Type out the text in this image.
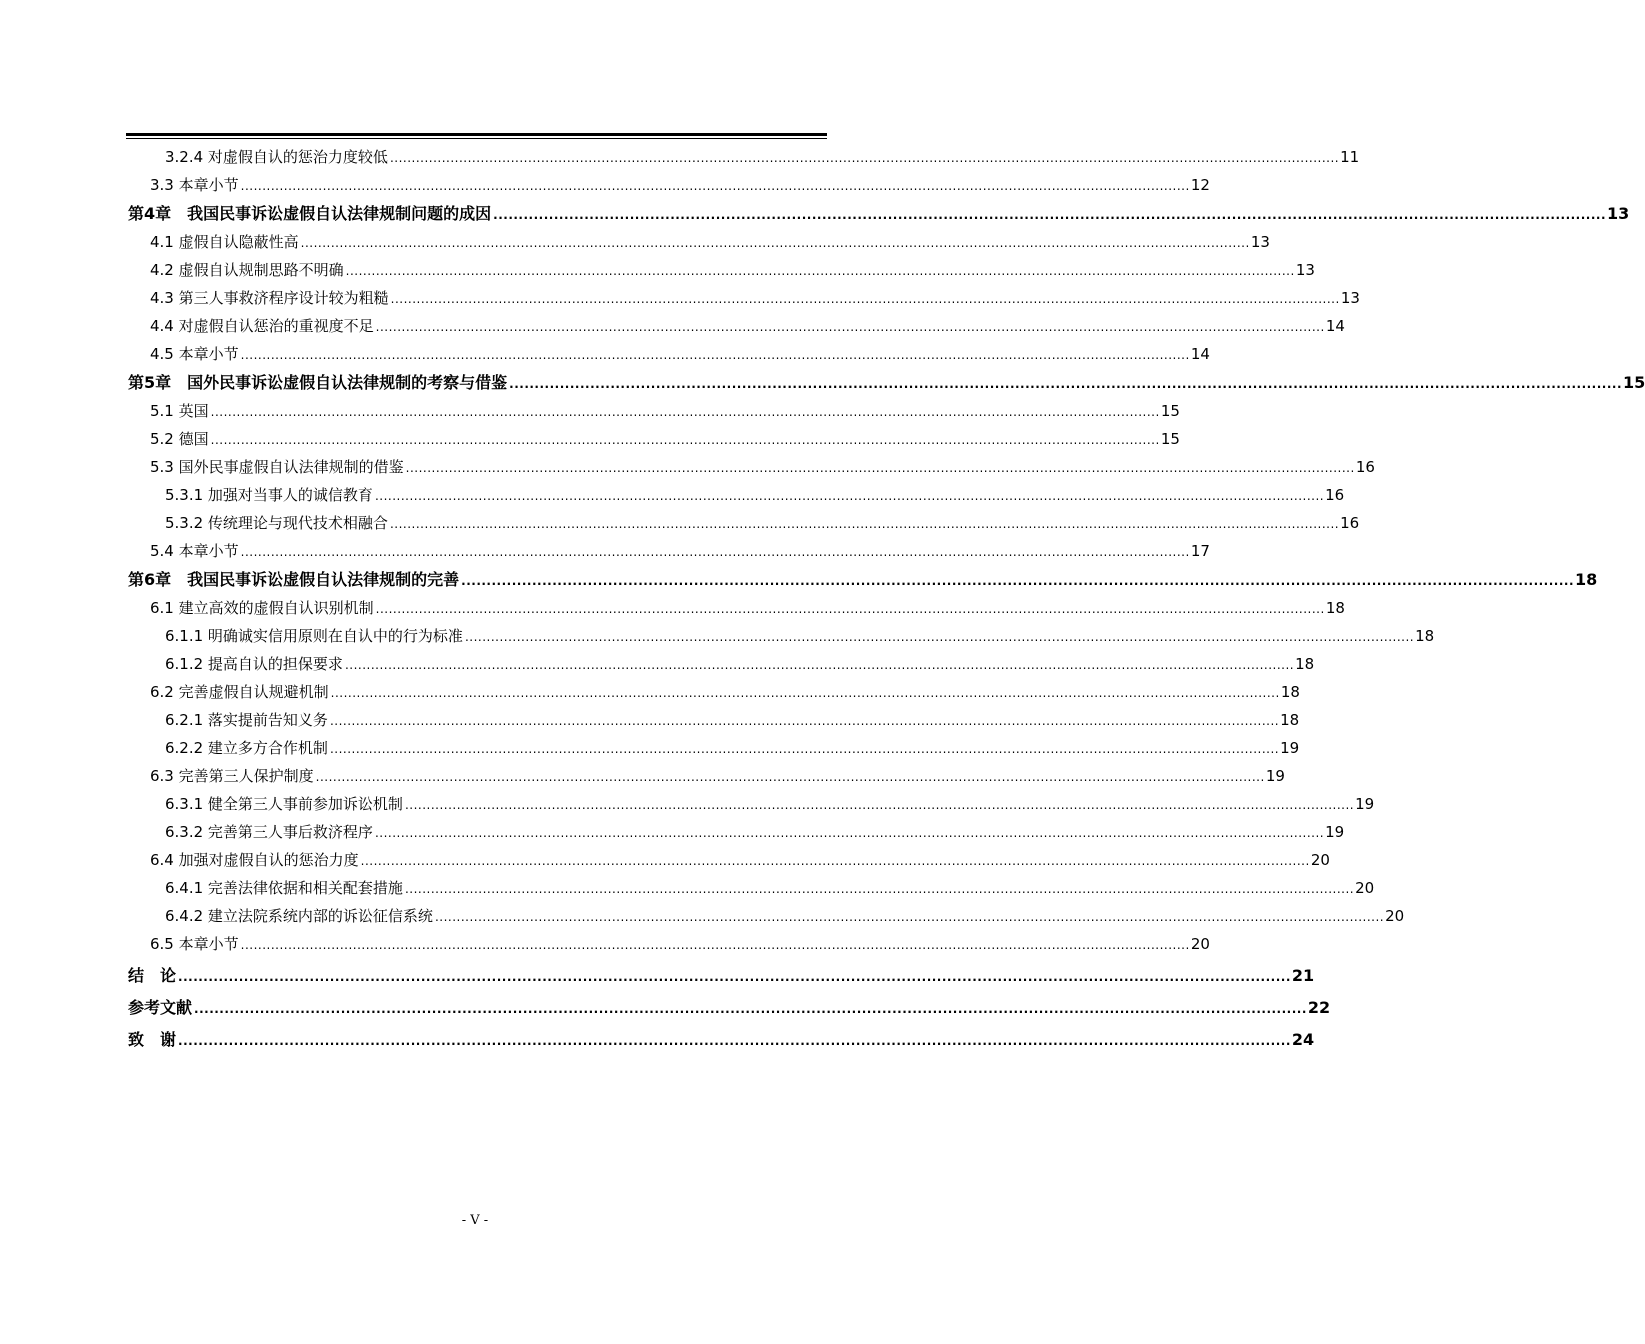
3.2.4 对虚假自认的惩治力度较低 ............................................................................................................................................................................................................................ 11
3.3 本章小节 ............................................................................................................................................................................................................................ 12
第4章　我国民事诉讼虚假自认法律规制问题的成因 ............................................................................................................................................................................................................................ 13
4.1 虚假自认隐蔽性高 ............................................................................................................................................................................................................................ 13
4.2 虚假自认规制思路不明确 ............................................................................................................................................................................................................................ 13
4.3 第三人事救济程序设计较为粗糙 ............................................................................................................................................................................................................................ 13
4.4 对虚假自认惩治的重视度不足 ............................................................................................................................................................................................................................ 14
4.5 本章小节 ............................................................................................................................................................................................................................ 14
第5章　国外民事诉讼虚假自认法律规制的考察与借鉴 ............................................................................................................................................................................................................................ 15
5.1 英国 ............................................................................................................................................................................................................................ 15
5.2 德国 ............................................................................................................................................................................................................................ 15
5.3 国外民事虚假自认法律规制的借鉴 ............................................................................................................................................................................................................................ 16
5.3.1 加强对当事人的诚信教育 ............................................................................................................................................................................................................................ 16
5.3.2 传统理论与现代技术相融合 ............................................................................................................................................................................................................................ 16
5.4 本章小节 ............................................................................................................................................................................................................................ 17
第6章　我国民事诉讼虚假自认法律规制的完善 ............................................................................................................................................................................................................................ 18
6.1 建立高效的虚假自认识别机制 ............................................................................................................................................................................................................................ 18
6.1.1 明确诚实信用原则在自认中的行为标准 ............................................................................................................................................................................................................................ 18
6.1.2 提高自认的担保要求 ............................................................................................................................................................................................................................ 18
6.2 完善虚假自认规避机制 ............................................................................................................................................................................................................................ 18
6.2.1 落实提前告知义务 ............................................................................................................................................................................................................................ 18
6.2.2 建立多方合作机制 ............................................................................................................................................................................................................................ 19
6.3 完善第三人保护制度 ............................................................................................................................................................................................................................ 19
6.3.1 健全第三人事前参加诉讼机制 ............................................................................................................................................................................................................................ 19
6.3.2 完善第三人事后救济程序 ............................................................................................................................................................................................................................ 19
6.4 加强对虚假自认的惩治力度 ............................................................................................................................................................................................................................ 20
6.4.1 完善法律依据和相关配套措施 ............................................................................................................................................................................................................................ 20
6.4.2 建立法院系统内部的诉讼征信系统 ............................................................................................................................................................................................................................ 20
6.5 本章小节 ............................................................................................................................................................................................................................ 20
结　论 ............................................................................................................................................................................................................................ 21
参考文献 ............................................................................................................................................................................................................................ 22
致　谢 ............................................................................................................................................................................................................................ 24
- V -
